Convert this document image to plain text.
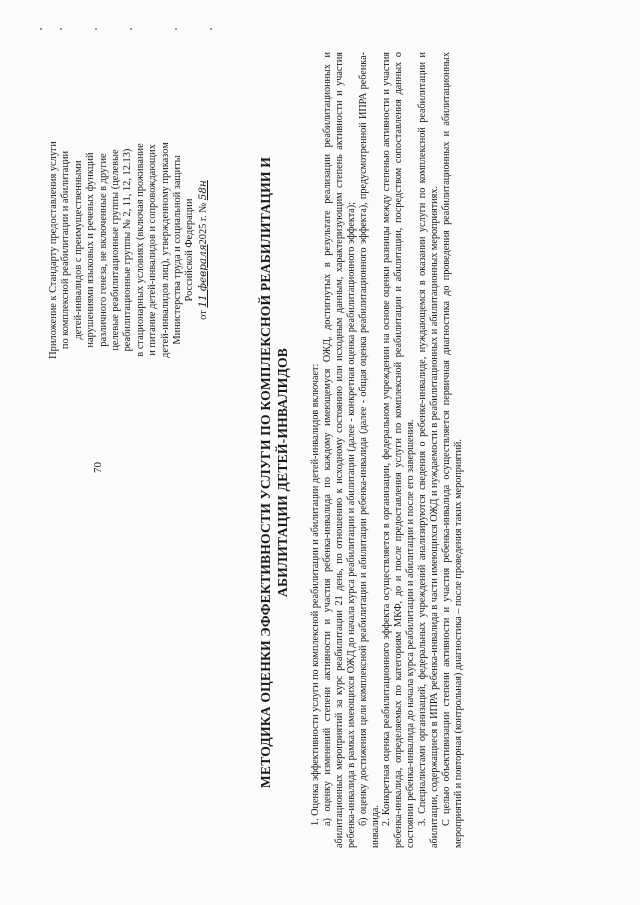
70
Приложение к Стандарту предоставления услуги по комплексной реабилитации и абилитации детей-инвалидов с преимущественными нарушениями языковых и речевых функций различного генеза, не включенные в другие целевые реабилитационные группы (целевые реабилитационные группы № 2, 11, 12, 12.13) в стационарных условиях (включая проживание и питание детей-инвалидов и сопровождающих детей-инвалидов лиц), утвержденному приказом Министерства труда и социальной защиты Российской Федерации
от 11 февраля2025 г. № 58н	МЕТОДИКА ОЦЕНКИ ЭФФЕКТИВНОСТИ УСЛУГИ ПО КОМПЛЕКСНОЙ РЕАБИЛИТАЦИИ И АБИЛИТАЦИИ ДЕТЕЙ-ИНВАЛИДОВ 1. Оценка эффективности услуги по комплексной реабилитации и абилитации детей-инвалидов включает: а) оценку изменений степени активности и участия ребенка-инвалида по каждому имеющемуся ОЖД, достигнутых в результате реализации реабилитационных и абилитационных мероприятий за курс реабилитации 21 день, по отношению к исходному состоянию или исходным данным, характеризующим степень активности и участия ребенка-инвалида в рамках имеющихся ОЖД до начала курса реабилитации и абилитации (далее - конкретная оценка реабилитационного эффекта); б) оценку достижения цели комплексной реабилитации и абилитации ребенка-инвалида (далее - общая оценка реабилитационного эффекта), предусмотренной ИПРА ребенка-инвалида.

2. Конкретная оценка реабилитационного эффекта осуществляется в организации, федеральном учреждении на основе оценки разницы между степенью активности и участия ребенка-инвалида, определяемых по категориям МКФ, до и после предоставления услуги по комплексной реабилитации и абилитации, посредством сопоставления данных о состоянии ребенка-инвалида до начала курса реабилитации и абилитации и после его завершения. 3. Специалистами организаций, федеральных учреждений анализируются сведения о ребенке-инвалиде, нуждающемся в оказании услуги по комплексной реабилитации и абилитации, содержащиеся в ИПРА ребенка-инвалида в части имеющихся ОЖД и нуждаемости в реабилитационных и абилитационных мероприятиях. С целью объективизации степени активности и участия ребенка-инвалида осуществляется первичная диагностика до проведения реабилитационных и абилитационных мероприятий и повторная (контрольная) диагностика – после проведения таких мероприятий.
